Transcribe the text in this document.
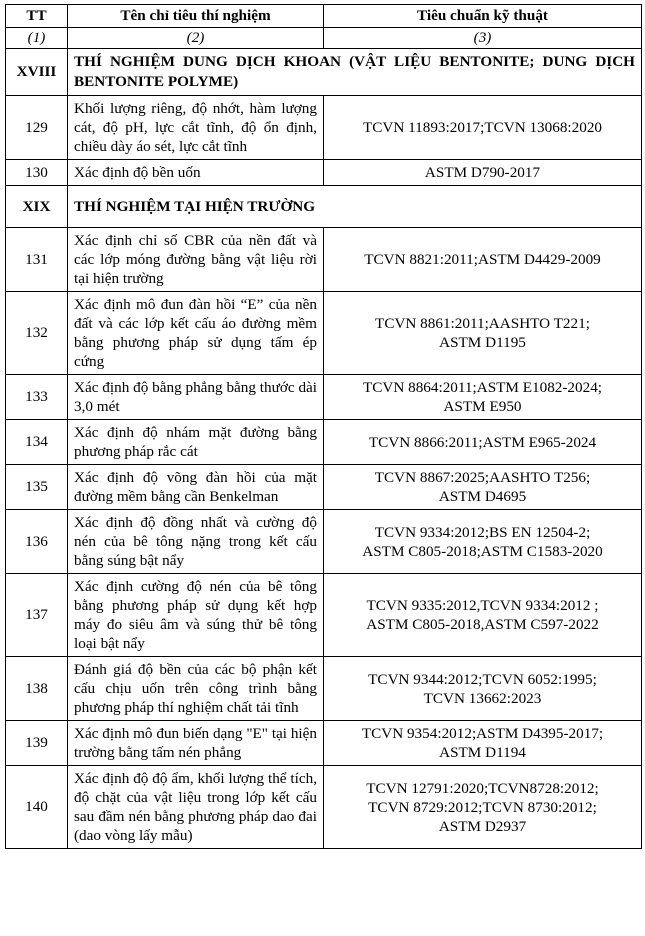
TT	Tên chỉ tiêu thí nghiệm	Tiêu chuẩn kỹ thuật
(1)	(2)	(3)
XVIII	THÍ NGHIỆM DUNG DỊCH KHOAN (VẬT LIỆU BENTONITE; DUNG DỊCH BENTONITE POLYME)	
129	Khối lượng riêng, độ nhớt, hàm lượng cát, độ pH, lực cắt tĩnh, độ ổn định, chiều dày áo sét, lực cắt tĩnh	TCVN 11893:2017;TCVN 13068:2020

130	Xác định độ bền uốn	ASTM D790-2017

XIX	THÍ NGHIỆM TẠI HIỆN TRƯỜNG	
131	Xác định chỉ số CBR của nền đất và các lớp móng đường bằng vật liệu rời tại hiện trường	TCVN 8821:2011;ASTM D4429-2009

132	Xác định mô đun đàn hồi “E” của nền đất và các lớp kết cấu áo đường mềm bằng phương pháp sử dụng tấm ép cứng	TCVN 8861:2011;AASHTO T221;
ASTM D1195

133	Xác định độ bằng phẳng bằng thước dài 3,0 mét	TCVN 8864:2011;ASTM E1082-2024;
ASTM E950

134	Xác định độ nhám mặt đường bằng phương pháp rắc cát	TCVN 8866:2011;ASTM E965-2024

135	Xác định độ võng đàn hồi của mặt đường mềm bằng cần Benkelman	TCVN 8867:2025;AASHTO T256;
ASTM D4695

136	Xác định độ đồng nhất và cường độ nén của bê tông nặng trong kết cấu bằng súng bật nẩy	TCVN 9334:2012;BS EN 12504-2;
ASTM C805-2018;ASTM C1583-2020

137	Xác định cường độ nén của bê tông bằng phương pháp sử dụng kết hợp máy đo siêu âm và súng thử bê tông loại bật nẩy	TCVN 9335:2012,TCVN 9334:2012 ;
ASTM C805-2018,ASTM C597-2022

138	Đánh giá độ bền của các bộ phận kết cấu chịu uốn trên công trình bằng phương pháp thí nghiệm chất tải tĩnh	TCVN 9344:2012;TCVN 6052:1995;
TCVN 13662:2023

139	Xác định mô đun biến dạng "E" tại hiện trường bằng tấm nén phẳng	TCVN 9354:2012;ASTM D4395-2017;
ASTM D1194

140	Xác định độ độ ẩm, khối lượng thể tích, độ chặt của vật liệu trong lớp kết cấu sau đầm nén bằng phương pháp dao đai (dao vòng lấy mẫu)	TCVN 12791:2020;TCVN8728:2012;
TCVN 8729:2012;TCVN 8730:2012;
ASTM D2937
